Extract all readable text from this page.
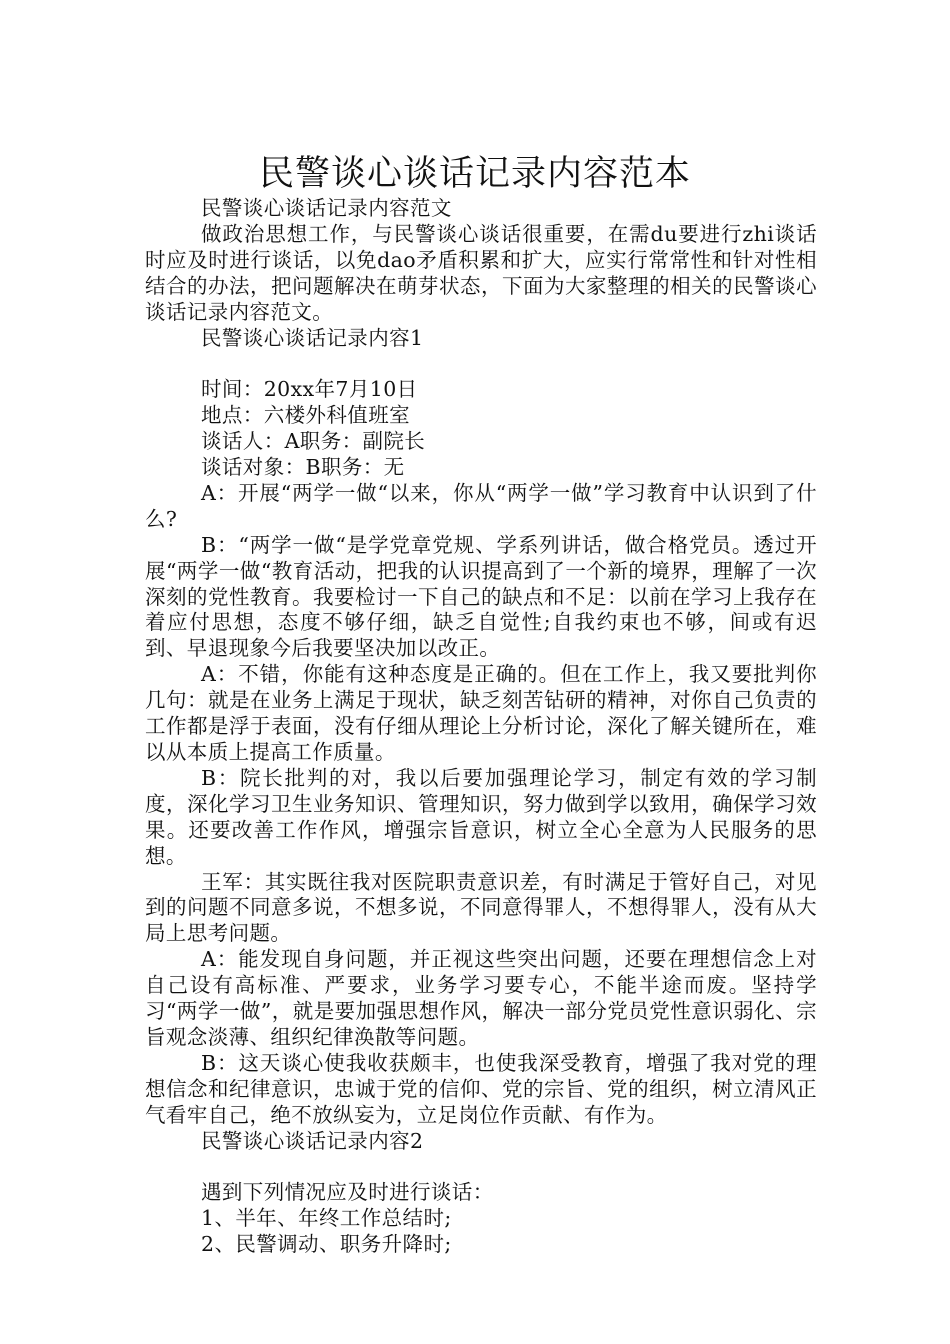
民警谈心谈话记录内容范本

民警谈心谈话记录内容范文

做政治思想工作，与民警谈心谈话很重要，在需du要进行zhi谈话时应及时进行谈话，以免dao矛盾积累和扩大，应实行常常性和针对性相结合的办法，把问题解决在萌芽状态，下面为大家整理的相关的民警谈心谈话记录内容范文。

民警谈心谈话记录内容1

时间：20xx年7月10日

地点：六楼外科值班室

谈话人：A职务：副院长

谈话对象：B职务：无

A：开展“两学一做“以来，你从“两学一做”学习教育中认识到了什么?

B：“两学一做“是学党章党规、学系列讲话，做合格党员。透过开展“两学一做“教育活动，把我的认识提高到了一个新的境界，理解了一次深刻的党性教育。我要检讨一下自己的缺点和不足：以前在学习上我存在着应付思想，态度不够仔细，缺乏自觉性;自我约束也不够，间或有迟到、早退现象今后我要坚决加以改正。

A：不错，你能有这种态度是正确的。但在工作上，我又要批判你几句：就是在业务上满足于现状，缺乏刻苦钻研的精神，对你自己负责的工作都是浮于表面，没有仔细从理论上分析讨论，深化了解关键所在，难以从本质上提高工作质量。

B：院长批判的对，我以后要加强理论学习，制定有效的学习制度，深化学习卫生业务知识、管理知识，努力做到学以致用，确保学习效果。还要改善工作作风，增强宗旨意识，树立全心全意为人民服务的思想。

王军：其实既往我对医院职责意识差，有时满足于管好自己，对见到的问题不同意多说，不想多说，不同意得罪人，不想得罪人，没有从大局上思考问题。

A：能发现自身问题，并正视这些突出问题，还要在理想信念上对自己设有高标准、严要求，业务学习要专心，不能半途而废。坚持学习“两学一做”，就是要加强思想作风，解决一部分党员党性意识弱化、宗旨观念淡薄、组织纪律涣散等问题。

B：这天谈心使我收获颇丰，也使我深受教育，增强了我对党的理想信念和纪律意识，忠诚于党的信仰、党的宗旨、党的组织，树立清风正气看牢自己，绝不放纵妄为，立足岗位作贡献、有作为。

民警谈心谈话记录内容2

遇到下列情况应及时进行谈话：

1、半年、年终工作总结时;

2、民警调动、职务升降时;
